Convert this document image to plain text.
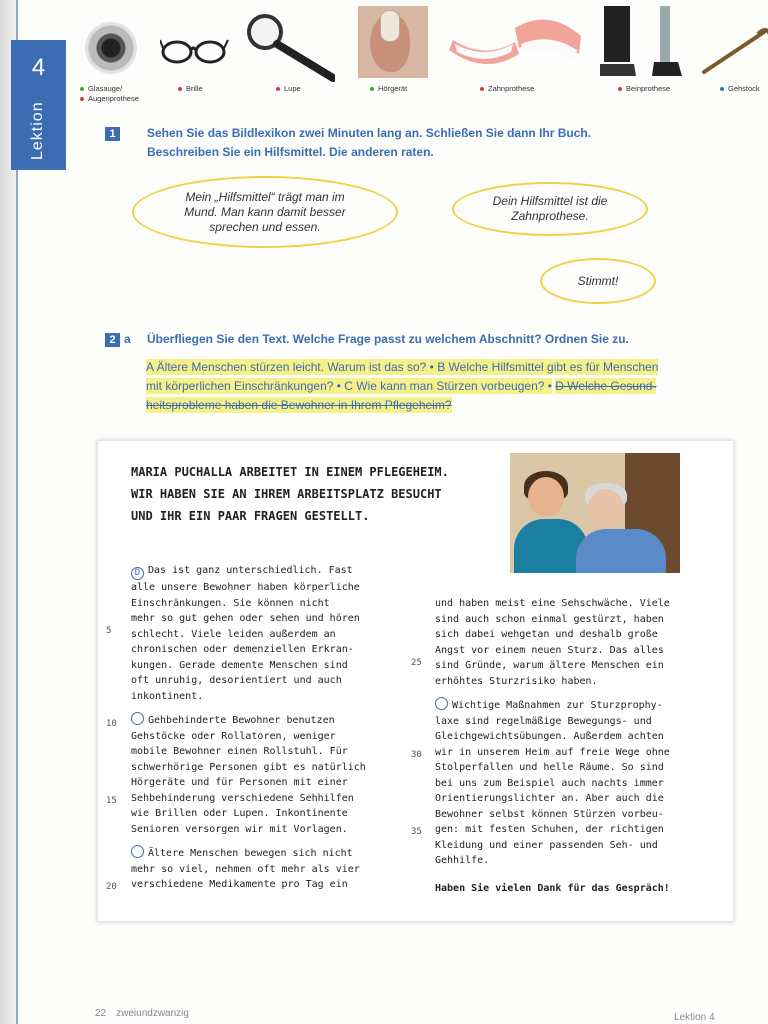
4
Lektion
Glasauge/
Augenprothese
Brille	Lupe	Hörgerät	Zahnprothese	Beinprothese	Gehstock
1	Sehen Sie das Bildlexikon zwei Minuten lang an. Schließen Sie dann Ihr Buch.
Beschreiben Sie ein Hilfsmittel. Die anderen raten.
Mein „Hilfsmittel“ trägt man im
Mund. Man kann damit besser
sprechen und essen.
Dein Hilfsmittel ist die
Zahnprothese.
Stimmt!
2 a Überfliegen Sie den Text. Welche Frage passt zu welchem Abschnitt? Ordnen Sie zu.
A Ältere Menschen stürzen leicht. Warum ist das so? • B Welche Hilfsmittel gibt es für Menschen
mit körperlichen Einschränkungen? • C Wie kann man Stürzen vorbeugen? • D Welche Gesund-
heitsprobleme haben die Bewohner in Ihrem Pflegeheim?
MARIA PUCHALLA ARBEITET IN EINEM PFLEGEHEIM.
WIR HABEN SIE AN IHREM ARBEITSPLATZ BESUCHT
UND IHR EIN PAAR FRAGEN GESTELLT.

D Das ist ganz unterschiedlich. Fast

alle unsere Bewohner haben körperliche

Einschränkungen. Sie können nicht

mehr so gut gehen oder sehen und hören

schlecht. Viele leiden außerdem an

chronischen oder demenziellen Erkran-

kungen. Gerade demente Menschen sind

oft unruhig, desorientiert und auch

inkontinent.

Gehbehinderte Bewohner benutzen

Gehstöcke oder Rollatoren, weniger

mobile Bewohner einen Rollstuhl. Für

schwerhörige Personen gibt es natürlich

Hörgeräte und für Personen mit einer

Sehbehinderung verschiedene Sehhilfen

wie Brillen oder Lupen. Inkontinente

Senioren versorgen wir mit Vorlagen.

Ältere Menschen bewegen sich nicht

mehr so viel, nehmen oft mehr als vier

verschiedene Medikamente pro Tag ein

und haben meist eine Sehschwäche. Viele

sind auch schon einmal gestürzt, haben

sich dabei wehgetan und deshalb große

Angst vor einem neuen Sturz. Das alles

sind Gründe, warum ältere Menschen ein

erhöhtes Sturzrisiko haben.

Wichtige Maßnahmen zur Sturzprophy-

laxe sind regelmäßige Bewegungs- und

Gleichgewichtsübungen. Außerdem achten

wir in unserem Heim auf freie Wege ohne

Stolperfallen und helle Räume. So sind

bei uns zum Beispiel auch nachts immer

Orientierungslichter an. Aber auch die

Bewohner selbst können Stürzen vorbeu-

gen: mit festen Schuhen, der richtigen

Kleidung und einer passenden Seh- und

Gehhilfe.

Haben Sie vielen Dank für das Gespräch!
5
10
15
20
25
30
35
22 zweiundzwanzig	Lektion 4
